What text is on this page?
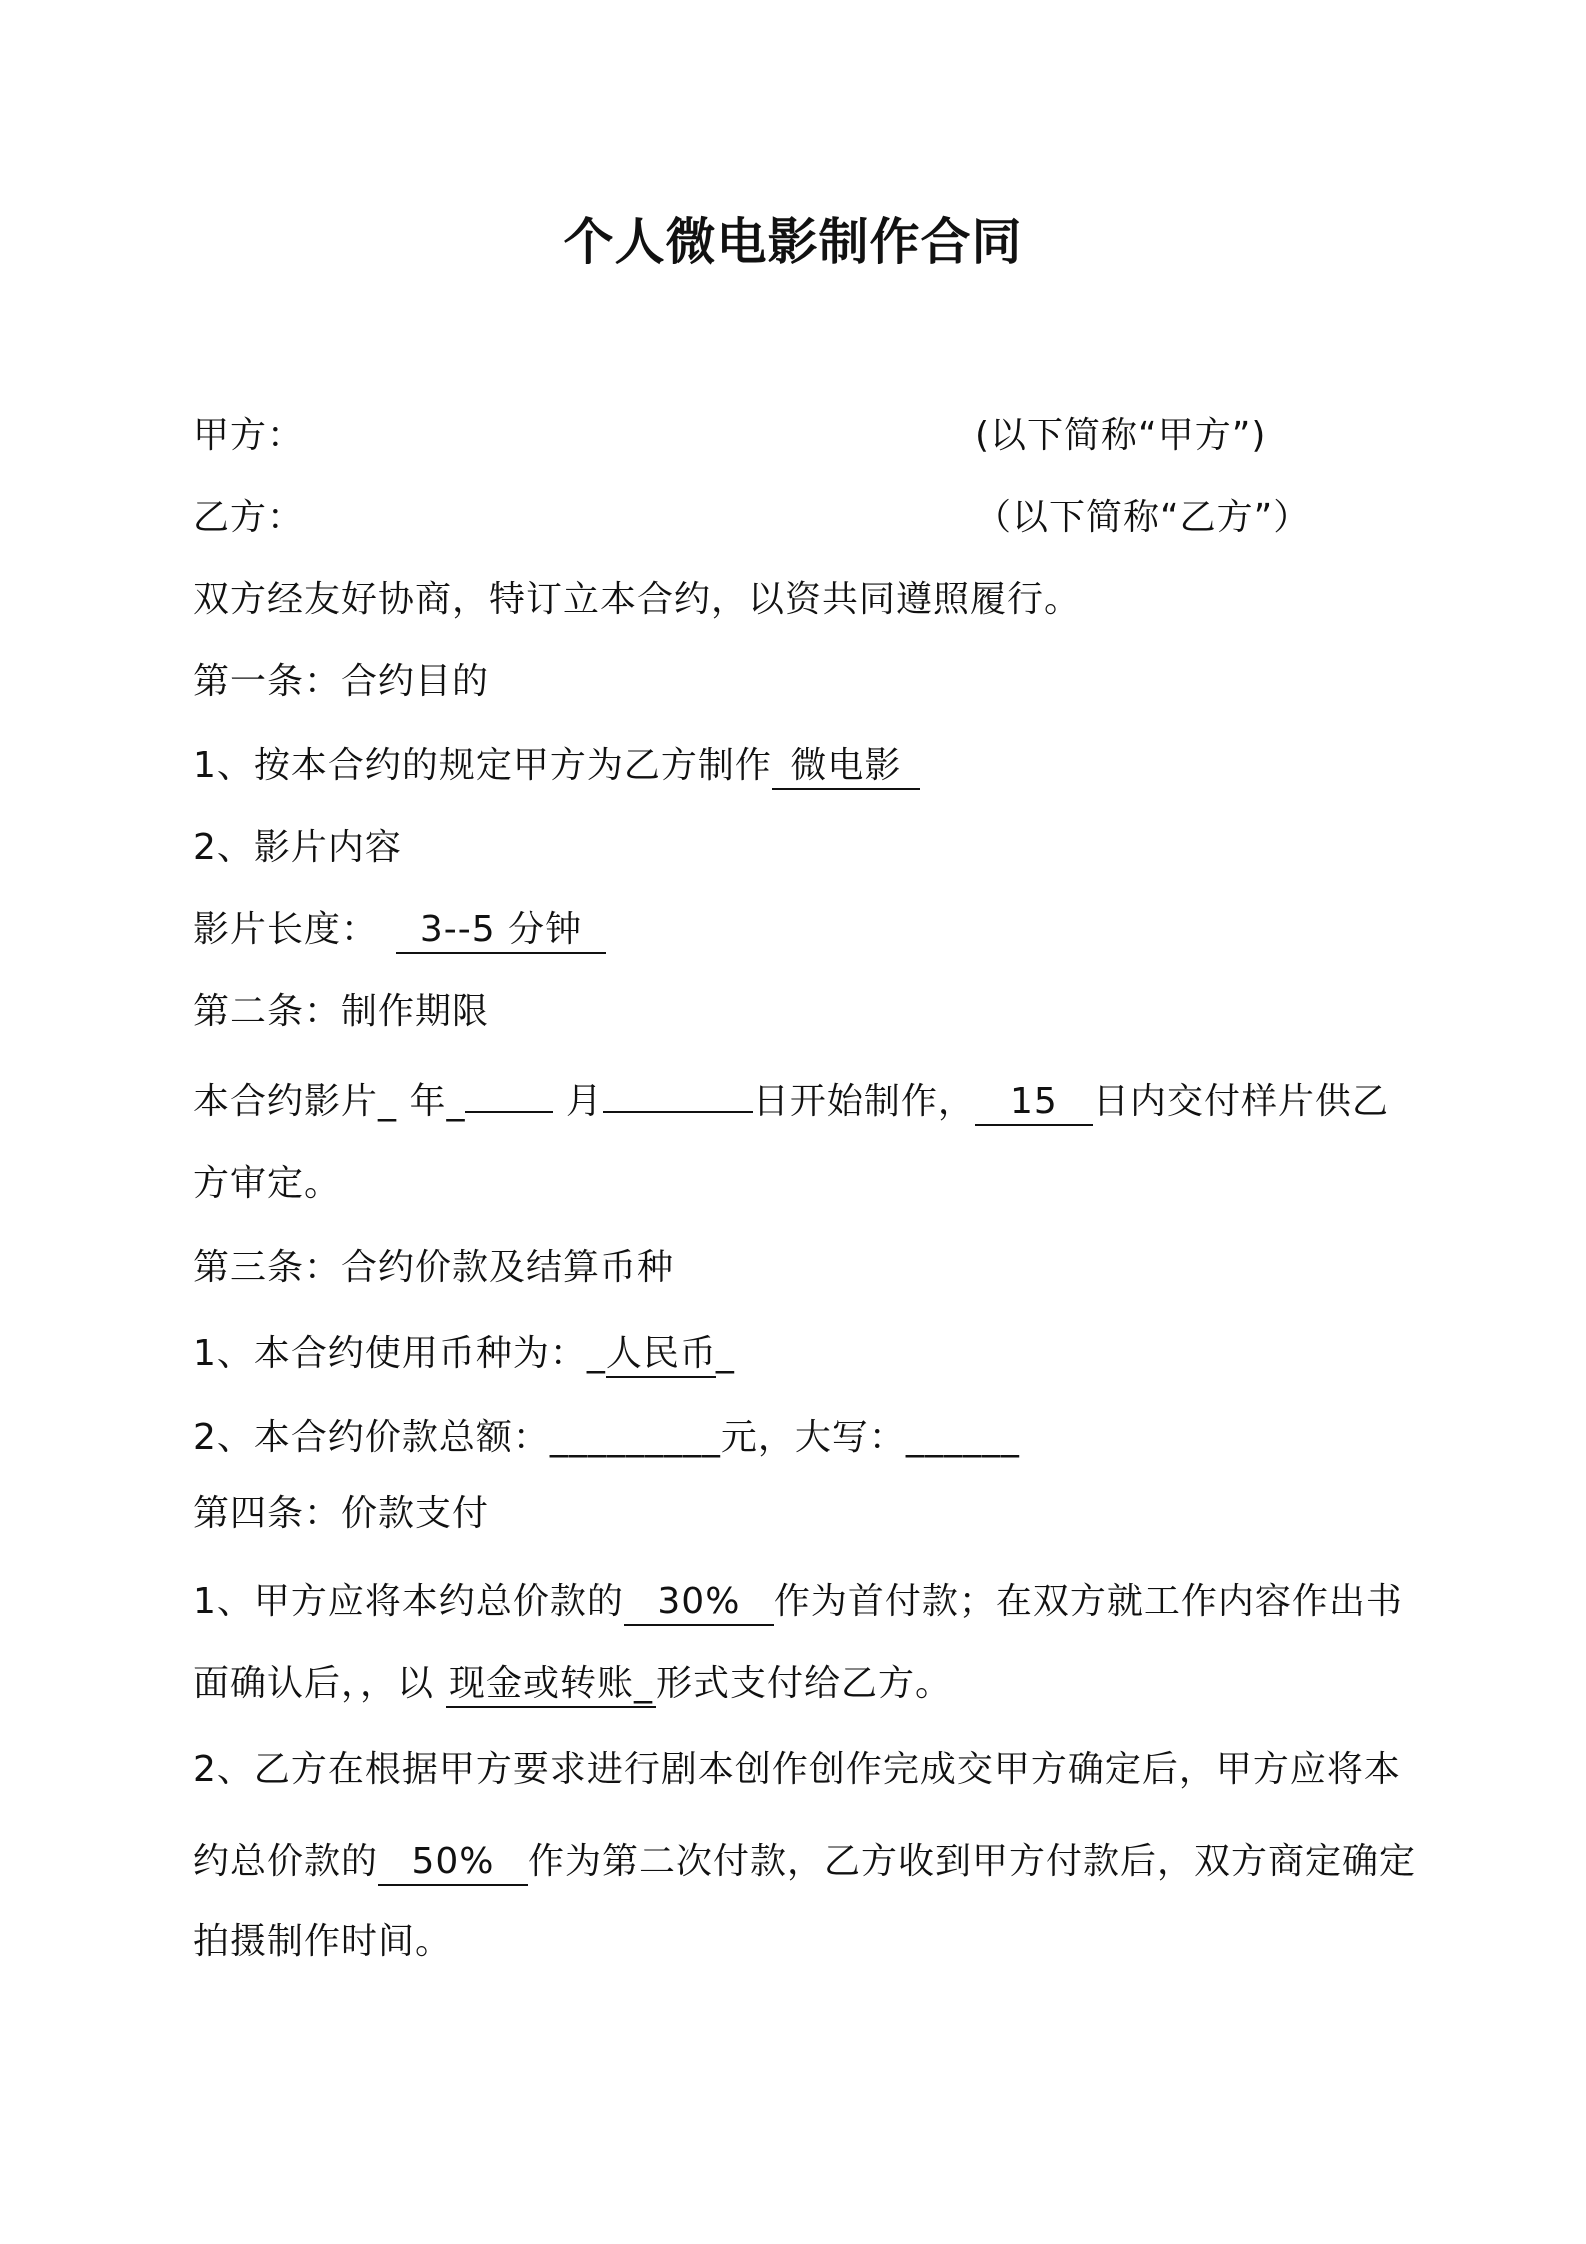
个人微电影制作合同
甲方：	(以下简称“甲方”)
乙方：	（以下简称“乙方”）
双方经友好协商，特订立本合约，以资共同遵照履行。
第一条：合约目的
1、按本合约的规定甲方为乙方制作 微电影
2、影片内容
影片长度： 3--5 分钟
第二条：制作期限
本合约影片_ 年_	月	日开始制作， 15 日内交付样片供乙
方审定。
第三条：合约价款及结算币种
1、本合约使用币种为：_人民币_
2、本合约价款总额：_________元，大写：______
第四条：价款支付
1、甲方应将本约总价款的 30% 作为首付款；在双方就工作内容作出书
面确认后，，以 现金或转账_形式支付给乙方。
2、乙方在根据甲方要求进行剧本创作创作完成交甲方确定后，甲方应将本
约总价款的 50% 作为第二次付款，乙方收到甲方付款后，双方商定确定
拍摄制作时间。
